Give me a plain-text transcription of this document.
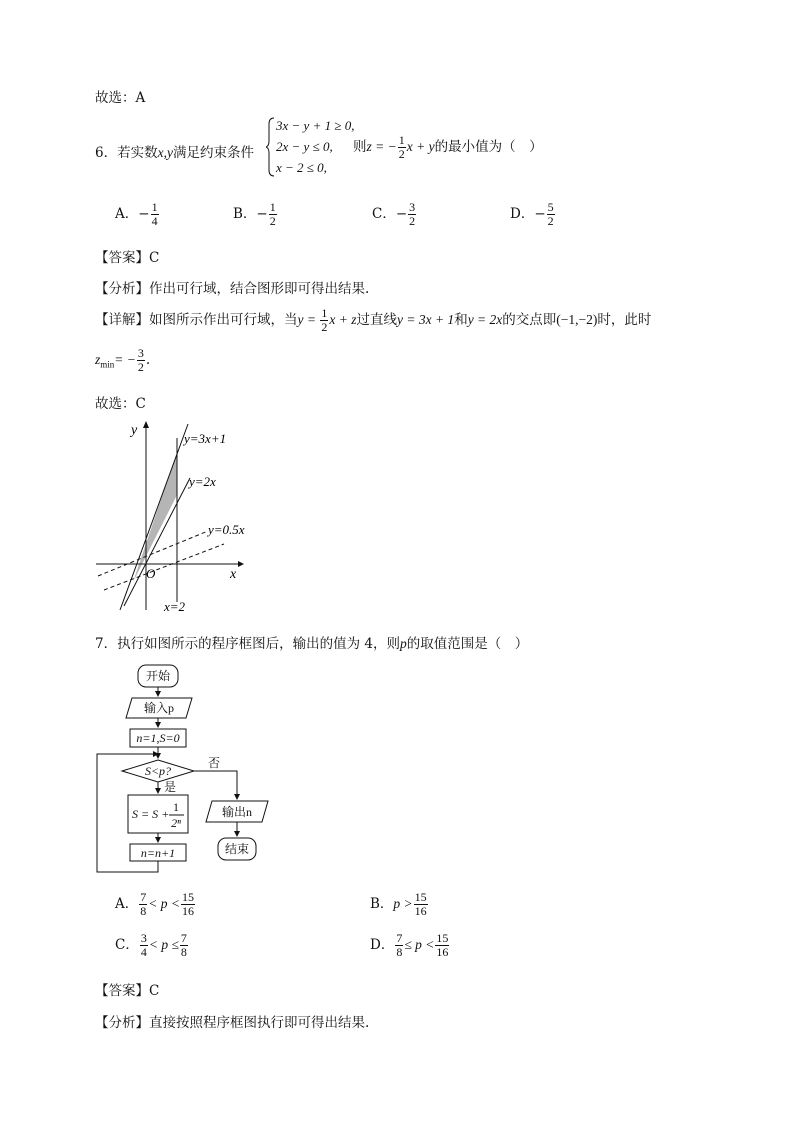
故选：A
6．若实数x,y满足约束条件
3x − y + 1 ≥ 0,
2x − y ≤ 0,
x − 2 ≤ 0,
则z = − $\frac{1}{2}$ x + y的最小值为（　）
A．− $\frac{1}{4}$	B．− $\frac{1}{2}$	C．− $\frac{3}{2}$	D．− $\frac{5}{2}$
【答案】C
【分析】作出可行域，结合图形即可得出结果.
【详解】如图所示作出可行域，当$y = \frac{1}{2}$ x + z过直线y = 3x + 1和y = 2x的交点即(−1,−2)时，此时
$z_{min}= - \frac{3}{2}$ .
故选：C
y
x
O
y=3x+1
y=2x
y=0.5x
x=2
7．执行如图所示的程序框图后，输出的值为 4，则p的取值范围是（　）
开始
输入p
n=1,S=0
S<p?
否
是
S = S + 1
2ⁿ
n=n+1
输出n
结束
A． $\frac{7}{8} < p < \frac{15}{16}$	B．$p > \frac{15}{16}$
C． $\frac{3}{4} < p \le \frac{7}{8}$	D． $\frac{7}{8} \le p < \frac{15}{16}$
【答案】C
【分析】直接按照程序框图执行即可得出结果.
